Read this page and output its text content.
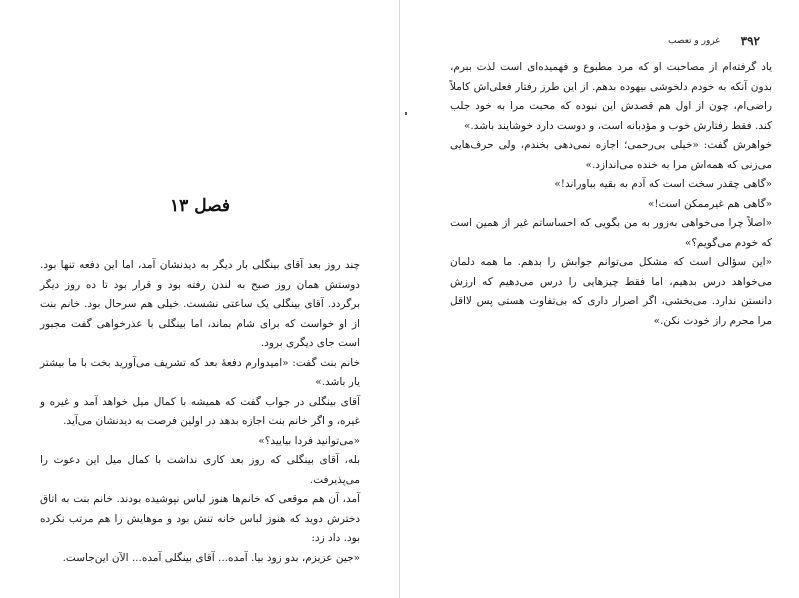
فصل ۱۳

چند روز بعد آقای بینگلی بار دیگر به دیدنشان آمد، اما این دفعه تنها بود. دوستش همان روز صبح به لندن رفته بود و قرار بود تا ده روز دیگر برگردد. آقای بینگلی یک ساعتی نشست. خیلی هم سرحال بود. خانم بنت از او خواست که برای شام بماند، اما بینگلی با عذرخواهی گفت مجبور است جای دیگری برود.

خانم بنت گفت: «امیدوارم دفعهٔ بعد که تشریف می‌آورید بخت با ما بیشتر یار باشد.»

آقای بینگلی در جواب گفت که همیشه با کمال میل خواهد آمد و غیره و غیره، و اگر خانم بنت اجازه بدهد در اولین فرصت به دیدنشان می‌آید.

«می‌توانید فردا بیایید؟»

بله، آقای بینگلی که روز بعد کاری نداشت با کمال میل این دعوت را می‌پذیرفت.

آمد، آن هم موقعی که خانم‌ها هنوز لباس نپوشیده بودند. خانم بنت به اتاق دخترش دوید که هنوز لباس خانه تنش بود و موهایش را هم مرتب نکرده بود. داد زد:

«جین عزیزم، بدو زود بیا. آمده... آقای بینگلی آمده... الآن این‌جاست.

۳۹۲
غرور و تعصب

یاد گرفته‌ام از مصاحبت او که مرد مطبوع و فهمیده‌ای است لذت ببرم، بدون آنکه به خودم دلخوشی بیهوده بدهم. از این طرز رفتار فعلی‌اش کاملاً راضی‌ام، چون از اول هم قصدش این نبوده که محبت مرا به خود جلب کند. فقط رفتارش خوب و مؤدبانه است، و دوست دارد خوشایند باشد.»

خواهرش گفت: «خیلی بی‌رحمی؛ اجازه نمی‌دهی بخندم، ولی حرف‌هایی می‌زنی که همه‌اش مرا به خنده می‌اندازد.»

«گاهی چقدر سخت است که آدم به بقیه بباوراند!»

«گاهی هم غیرممکن است!»

«اصلاً چرا می‌خواهی به‌زور به من بگویی که احساساتم غیر از همین است که خودم می‌گویم؟»

«این سؤالی است که مشکل می‌توانم جوابش را بدهم. ما همه دلمان می‌خواهد درس بدهیم، اما فقط چیزهایی را درس می‌دهیم که ارزش دانستن ندارد. می‌بخشی، اگر اصرار داری که بی‌تفاوت هستی پس لااقل مرا محرم راز خودت نکن.»
